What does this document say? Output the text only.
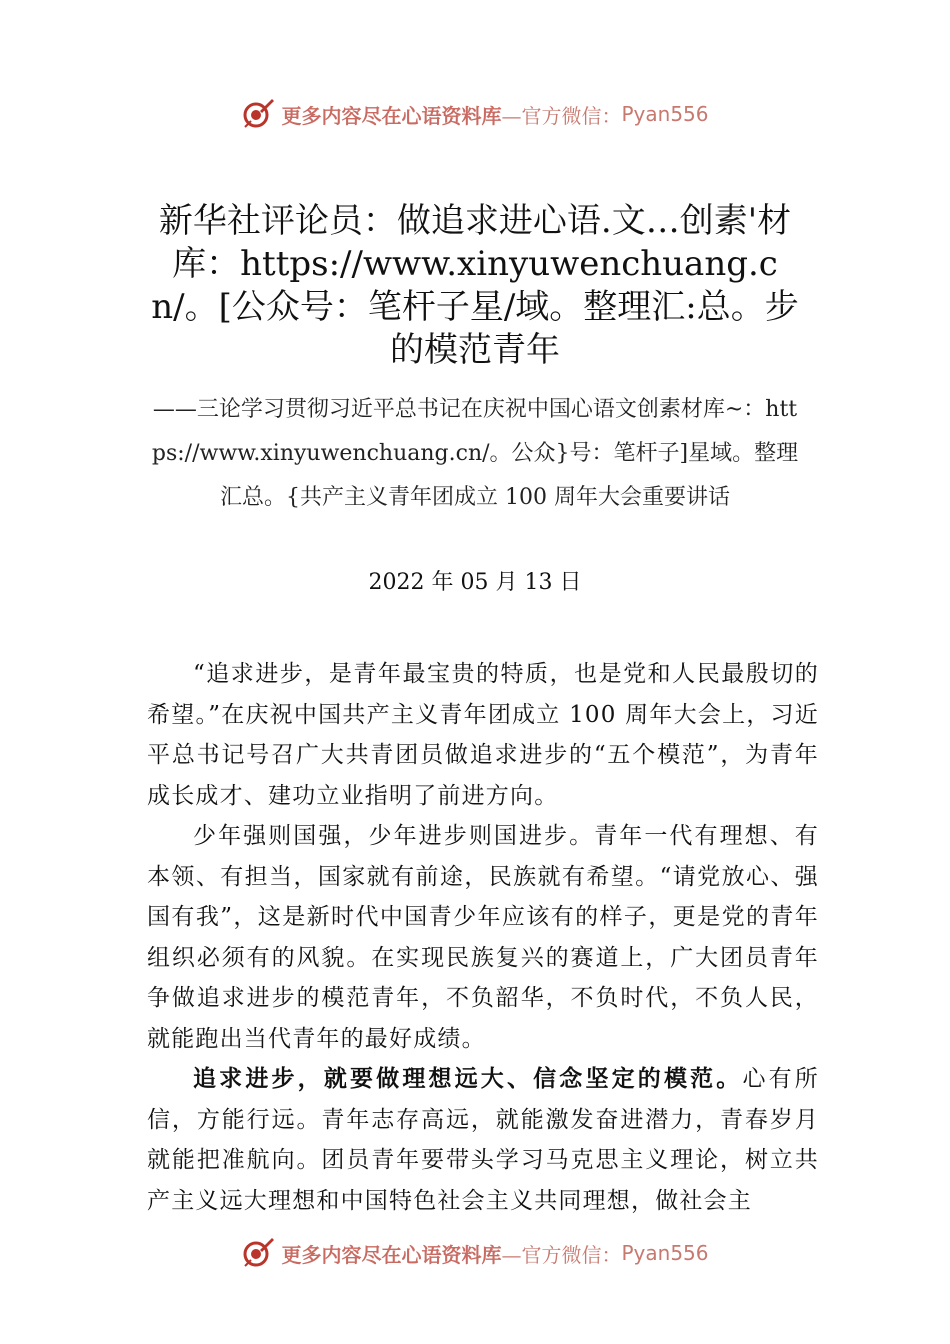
更多内容尽在心语资料库 —官方微信： Pyan556
新华社评论员：做追求进心语.文…创素'材库：https://www.xinyuwenchuang.cn/。[公众号：笔杆子星/域。整理汇:总。步的模范青年

——三论学习贯彻习近平总书记在庆祝中国心语文创素材库~：https://www.xinyuwenchuang.cn/。公众}号：笔杆子]星域。整理汇总。{共产主义青年团成立 100 周年大会重要讲话

2022 年 05 月 13 日

“追求进步，是青年最宝贵的特质，也是党和人民最殷切的希望。”在庆祝中国共产主义青年团成立 100 周年大会上，习近平总书记号召广大共青团员做追求进步的“五个模范”，为青年成长成才、建功立业指明了前进方向。

少年强则国强，少年进步则国进步。青年一代有理想、有本领、有担当，国家就有前途，民族就有希望。“请党放心、强国有我”，这是新时代中国青少年应该有的样子，更是党的青年组织必须有的风貌。在实现民族复兴的赛道上，广大团员青年争做追求进步的模范青年，不负韶华，不负时代，不负人民，就能跑出当代青年的最好成绩。

追求进步，就要做理想远大、信念坚定的模范。心有所信，方能行远。青年志存高远，就能激发奋进潜力，青春岁月就能把准航向。团员青年要带头学习马克思主义理论，树立共产主义远大理想和中国特色社会主义共同理想，做社会主

更多内容尽在心语资料库 —官方微信： Pyan556
